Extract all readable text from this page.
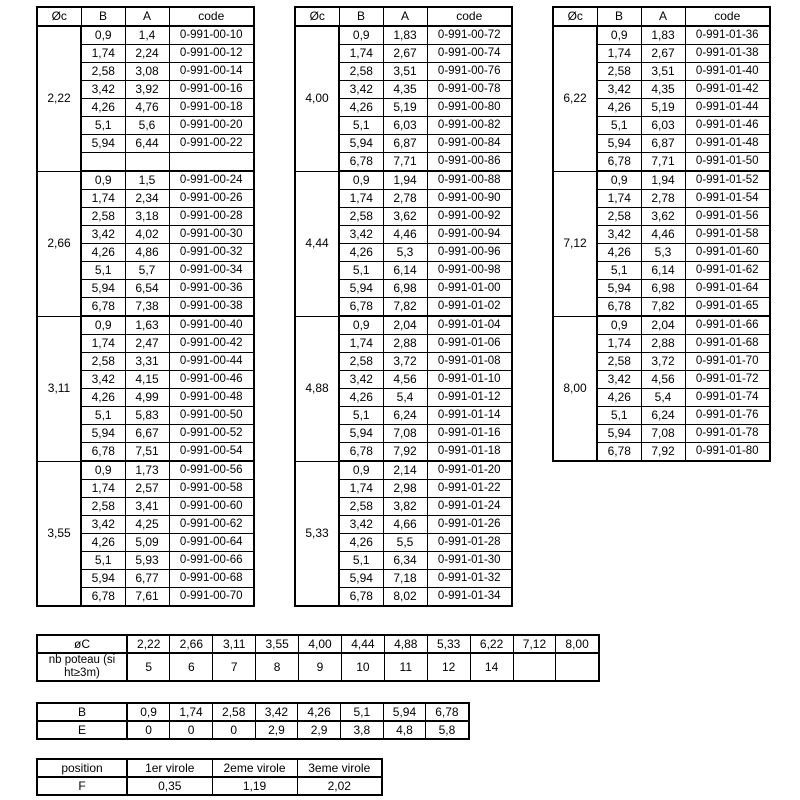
Øc	B	A	code
2,22	0,9	1,4	0-991-00-10
	1,74	2,24	0-991-00-12
	2,58	3,08	0-991-00-14
	3,42	3,92	0-991-00-16
	4,26	4,76	0-991-00-18
	5,1	5,6	0-991-00-20
	5,94	6,44	0-991-00-22

2,66	0,9	1,5	0-991-00-24
	1,74	2,34	0-991-00-26
	2,58	3,18	0-991-00-28
	3,42	4,02	0-991-00-30
	4,26	4,86	0-991-00-32
	5,1	5,7	0-991-00-34
	5,94	6,54	0-991-00-36
	6,78	7,38	0-991-00-38
3,11	0,9	1,63	0-991-00-40
	1,74	2,47	0-991-00-42
	2,58	3,31	0-991-00-44
	3,42	4,15	0-991-00-46
	4,26	4,99	0-991-00-48
	5,1	5,83	0-991-00-50
	5,94	6,67	0-991-00-52
	6,78	7,51	0-991-00-54
3,55	0,9	1,73	0-991-00-56
	1,74	2,57	0-991-00-58
	2,58	3,41	0-991-00-60
	3,42	4,25	0-991-00-62
	4,26	5,09	0-991-00-64
	5,1	5,93	0-991-00-66
	5,94	6,77	0-991-00-68
	6,78	7,61	0-991-00-70
Øc	B	A	code
4,00	0,9	1,83	0-991-00-72
	1,74	2,67	0-991-00-74
	2,58	3,51	0-991-00-76
	3,42	4,35	0-991-00-78
	4,26	5,19	0-991-00-80
	5,1	6,03	0-991-00-82
	5,94	6,87	0-991-00-84
	6,78	7,71	0-991-00-86
4,44	0,9	1,94	0-991-00-88
	1,74	2,78	0-991-00-90
	2,58	3,62	0-991-00-92
	3,42	4,46	0-991-00-94
	4,26	5,3	0-991-00-96
	5,1	6,14	0-991-00-98
	5,94	6,98	0-991-01-00
	6,78	7,82	0-991-01-02
4,88	0,9	2,04	0-991-01-04
	1,74	2,88	0-991-01-06
	2,58	3,72	0-991-01-08
	3,42	4,56	0-991-01-10
	4,26	5,4	0-991-01-12
	5,1	6,24	0-991-01-14
	5,94	7,08	0-991-01-16
	6,78	7,92	0-991-01-18
5,33	0,9	2,14	0-991-01-20
	1,74	2,98	0-991-01-22
	2,58	3,82	0-991-01-24
	3,42	4,66	0-991-01-26
	4,26	5,5	0-991-01-28
	5,1	6,34	0-991-01-30
	5,94	7,18	0-991-01-32
	6,78	8,02	0-991-01-34
Øc	B	A	code
6,22	0,9	1,83	0-991-01-36
	1,74	2,67	0-991-01-38
	2,58	3,51	0-991-01-40
	3,42	4,35	0-991-01-42
	4,26	5,19	0-991-01-44
	5,1	6,03	0-991-01-46
	5,94	6,87	0-991-01-48
	6,78	7,71	0-991-01-50
7,12	0,9	1,94	0-991-01-52
	1,74	2,78	0-991-01-54
	2,58	3,62	0-991-01-56
	3,42	4,46	0-991-01-58
	4,26	5,3	0-991-01-60
	5,1	6,14	0-991-01-62
	5,94	6,98	0-991-01-64
	6,78	7,82	0-991-01-65
8,00	0,9	2,04	0-991-01-66
	1,74	2,88	0-991-01-68
	2,58	3,72	0-991-01-70
	3,42	4,56	0-991-01-72
	4,26	5,4	0-991-01-74
	5,1	6,24	0-991-01-76
	5,94	7,08	0-991-01-78
	6,78	7,92	0-991-01-80
øC	2,22	2,66	3,11	3,55	4,00	4,44	4,88	5,33	6,22	7,12	8,00
nb poteau (si ht≥3m)	5	6	7	8	9	10	11	12	14		
B	0,9	1,74	2,58	3,42	4,26	5,1	5,94	6,78
E	0	0	0	2,9	2,9	3,8	4,8	5,8
position	1er virole	2eme virole	3eme virole
F	0,35	1,19	2,02
